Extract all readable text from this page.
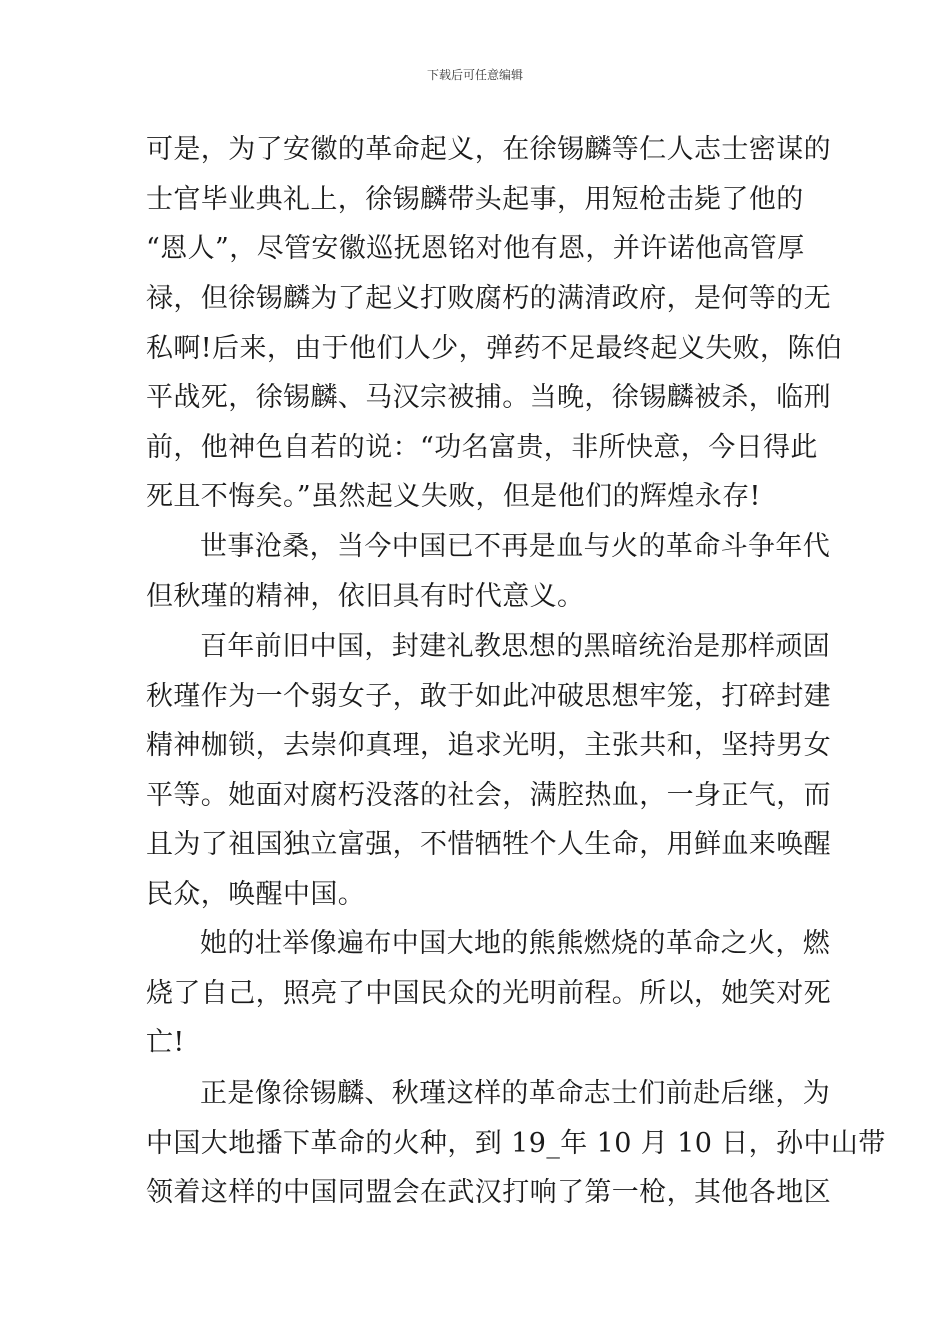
下载后可任意编辑
可是，为了安徽的革命起义，在徐锡麟等仁人志士密谋的
士官毕业典礼上，徐锡麟带头起事，用短枪击毙了他的
“恩人”，尽管安徽巡抚恩铭对他有恩，并许诺他高管厚
禄，但徐锡麟为了起义打败腐朽的满清政府，是何等的无
私啊!后来，由于他们人少，弹药不足最终起义失败，陈伯
平战死，徐锡麟、马汉宗被捕。当晚，徐锡麟被杀，临刑
前，他神色自若的说：“功名富贵，非所快意，今日得此
死且不悔矣。”虽然起义失败，但是他们的辉煌永存!
世事沧桑，当今中国已不再是血与火的革命斗争年代
但秋瑾的精神，依旧具有时代意义。
百年前旧中国，封建礼教思想的黑暗统治是那样顽固
秋瑾作为一个弱女子，敢于如此冲破思想牢笼，打碎封建
精神枷锁，去崇仰真理，追求光明，主张共和，坚持男女
平等。她面对腐朽没落的社会，满腔热血，一身正气，而
且为了祖国独立富强，不惜牺牲个人生命，用鲜血来唤醒
民众，唤醒中国。
她的壮举像遍布中国大地的熊熊燃烧的革命之火，燃
烧了自己，照亮了中国民众的光明前程。所以，她笑对死
亡!
正是像徐锡麟、秋瑾这样的革命志士们前赴后继，为
中国大地播下革命的火种，到 19_年 10 月 10 日，孙中山带
领着这样的中国同盟会在武汉打响了第一枪，其他各地区
